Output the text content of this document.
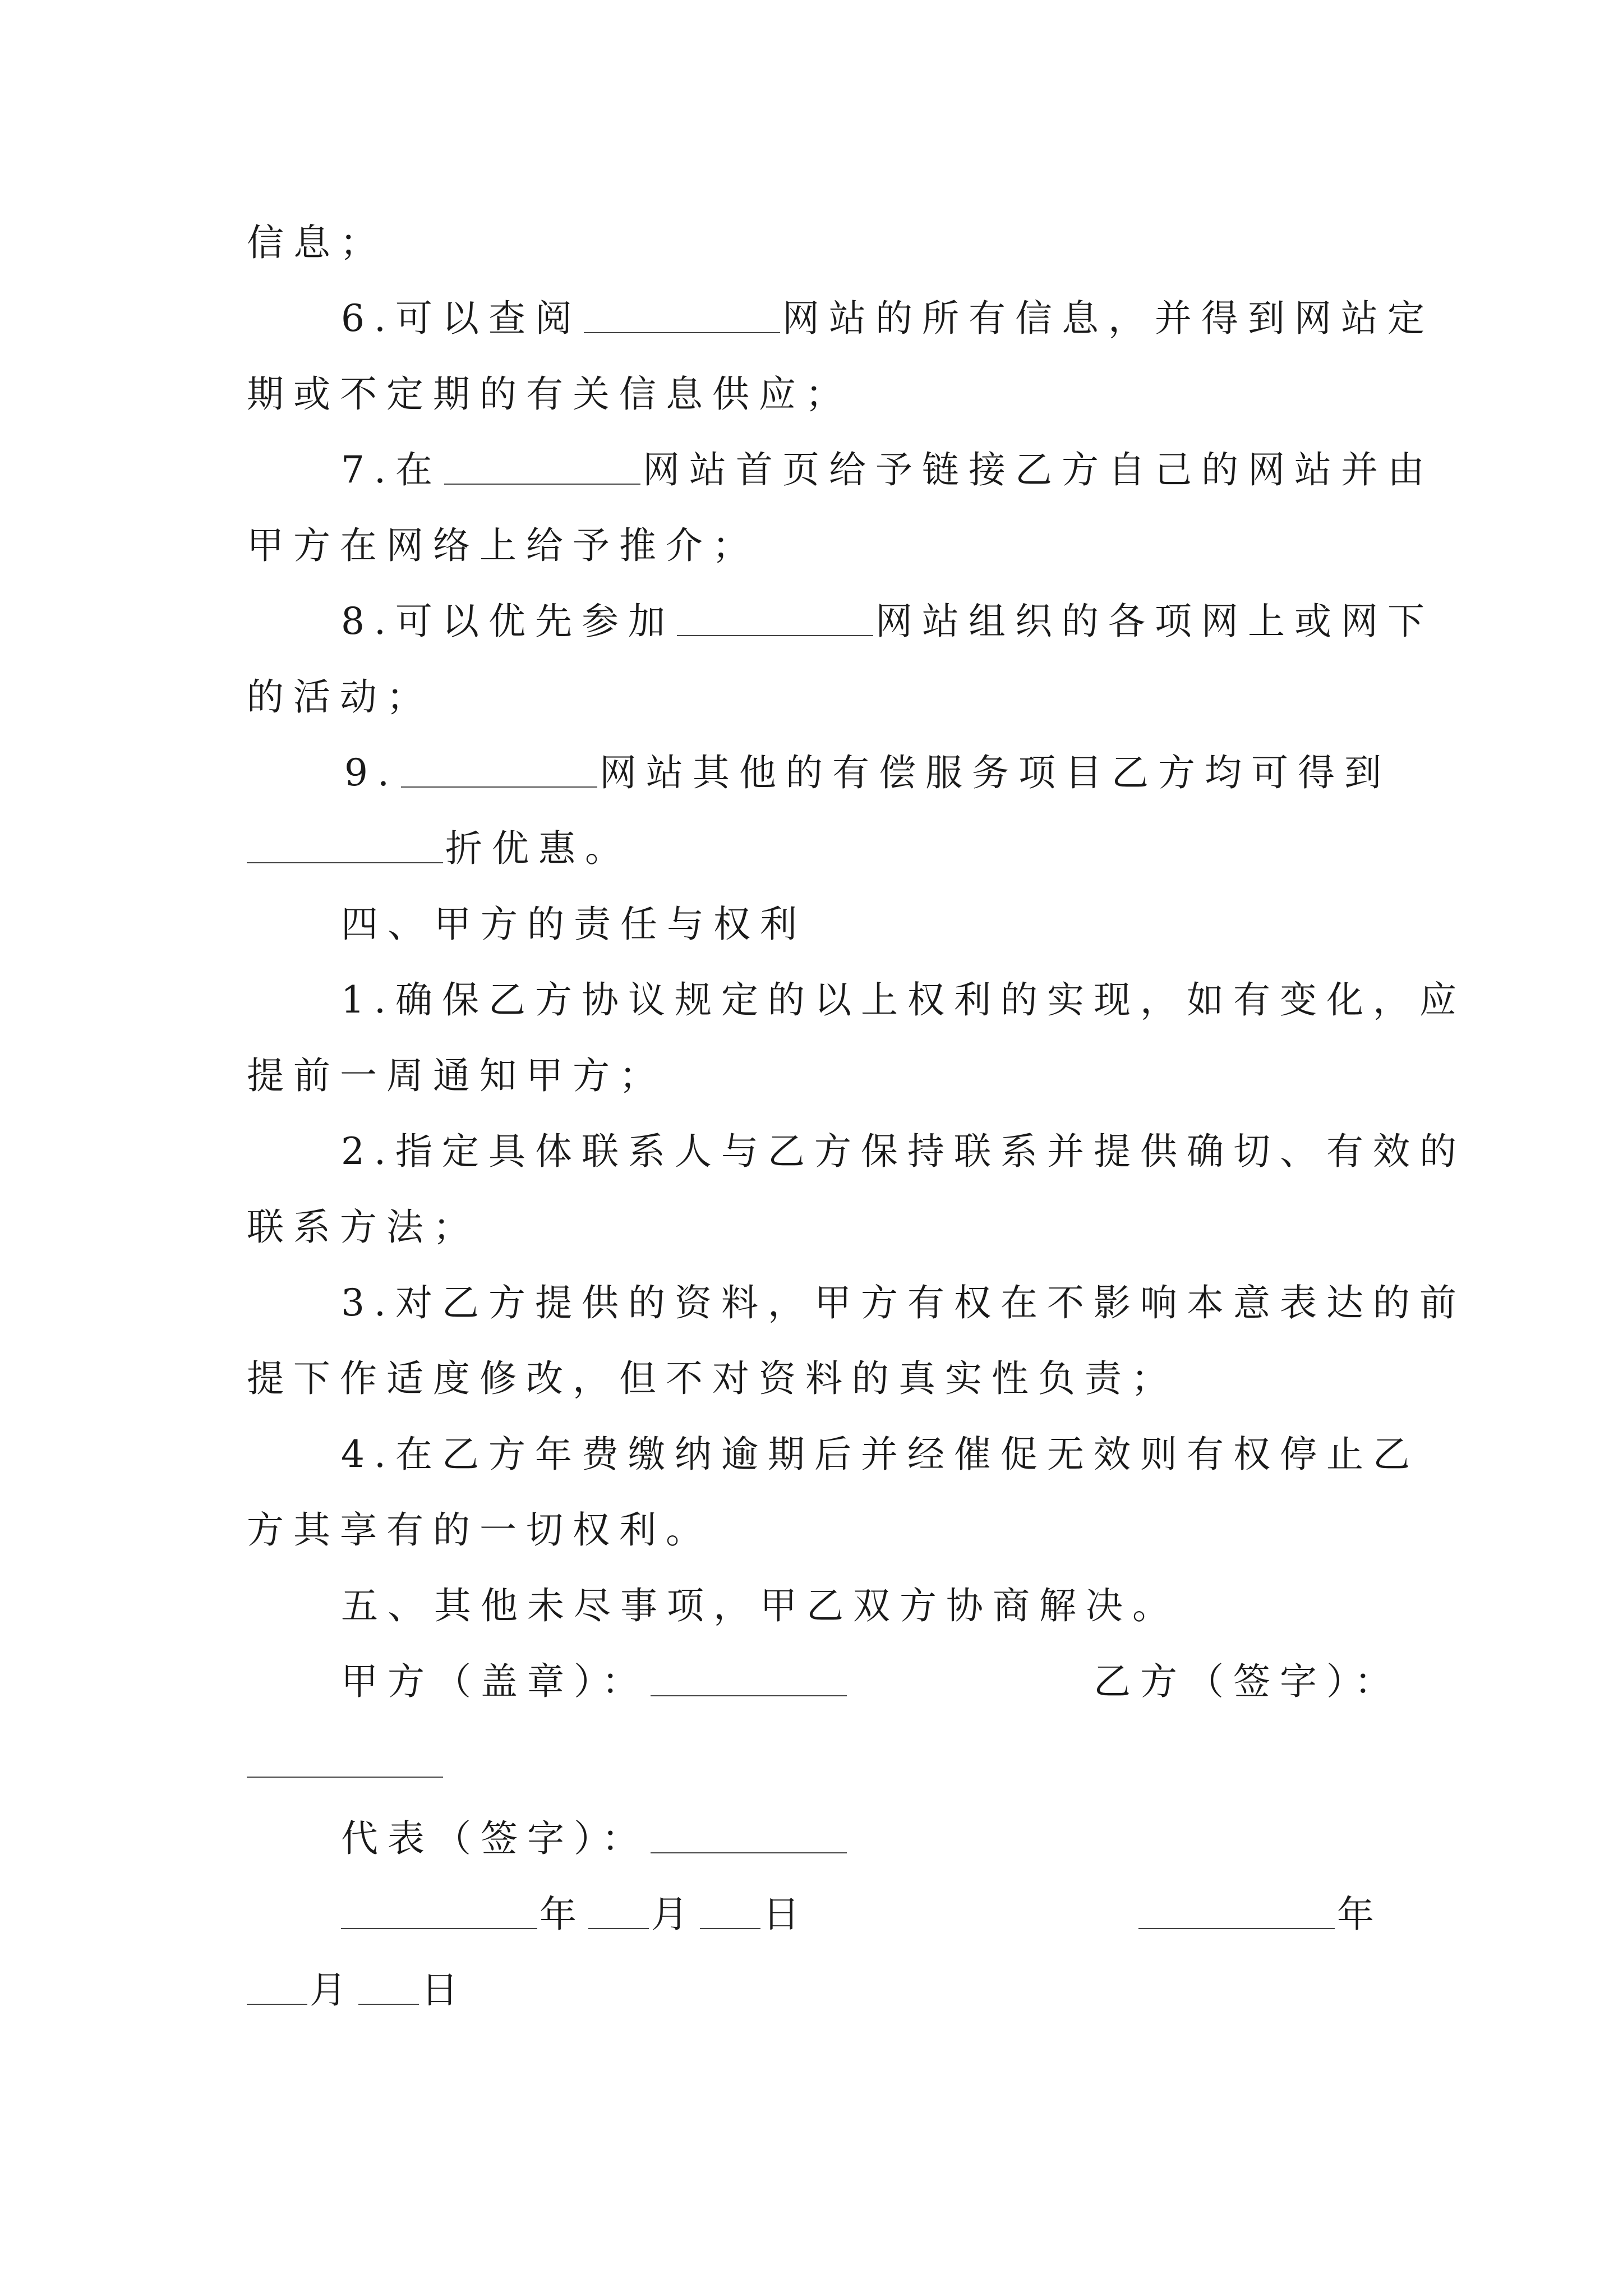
信息；
6.可以查阅	网站的所有信息，并得到网站定
期或不定期的有关信息供应；
7.在	网站首页给予链接乙方自己的网站并由
甲方在网络上给予推介；
8.可以优先参加	网站组织的各项网上或网下
的活动；
9.	网站其他的有偿服务项目乙方均可得到
折优惠。
四、甲方的责任与权利
1.确保乙方协议规定的以上权利的实现，如有变化，应
提前一周通知甲方；
2.指定具体联系人与乙方保持联系并提供确切、有效的
联系方法；
3.对乙方提供的资料，甲方有权在不影响本意表达的前
提下作适度修改，但不对资料的真实性负责；
4.在乙方年费缴纳逾期后并经催促无效则有权停止乙
方其享有的一切权利。
五、其他未尽事项，甲乙双方协商解决。
甲方（盖章）：	乙方（签字）：
代表（签字）：
年 月 日	年
月 日
